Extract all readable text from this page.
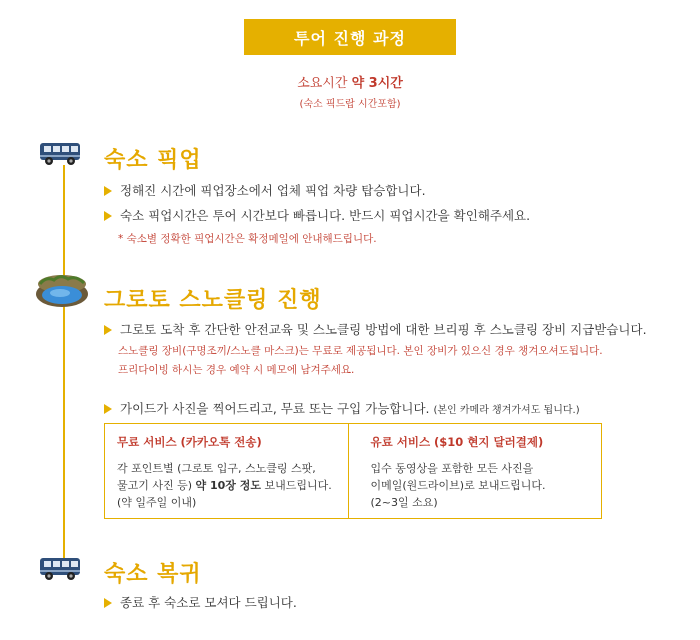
투어 진행 과정
소요시간 약 3시간
(숙소 픽드랍 시간포함)
숙소 픽업
정해진 시간에 픽업장소에서 업체 픽업 차량 탑승합니다.
숙소 픽업시간은 투어 시간보다 빠릅니다. 반드시 픽업시간을 확인해주세요.
* 숙소별 정확한 픽업시간은 확정메일에 안내해드립니다.
그로토 스노클링 진행
그로토 도착 후 간단한 안전교육 및 스노클링 방법에 대한 브리핑 후 스노클링 장비 지급받습니다.
스노클링 장비(구명조끼/스노클 마스크)는 무료로 제공됩니다. 본인 장비가 있으신 경우 챙겨오셔도됩니다.
프리다이빙 하시는 경우 예약 시 메모에 남겨주세요.
가이드가 사진을 찍어드리고, 무료 또는 구입 가능합니다. (본인 카메라 챙겨가셔도 됩니다.)
무료 서비스 (카카오톡 전송)
각 포인트별 (그로토 입구, 스노클링 스팟,
물고기 사진 등) 약 10장 정도 보내드립니다.
(약 일주일 이내)
유료 서비스 ($10 현지 달러결제)
입수 동영상을 포함한 모든 사진을
이메일(원드라이브)로 보내드립니다.
(2~3일 소요)
숙소 복귀
종료 후 숙소로 모셔다 드립니다.
